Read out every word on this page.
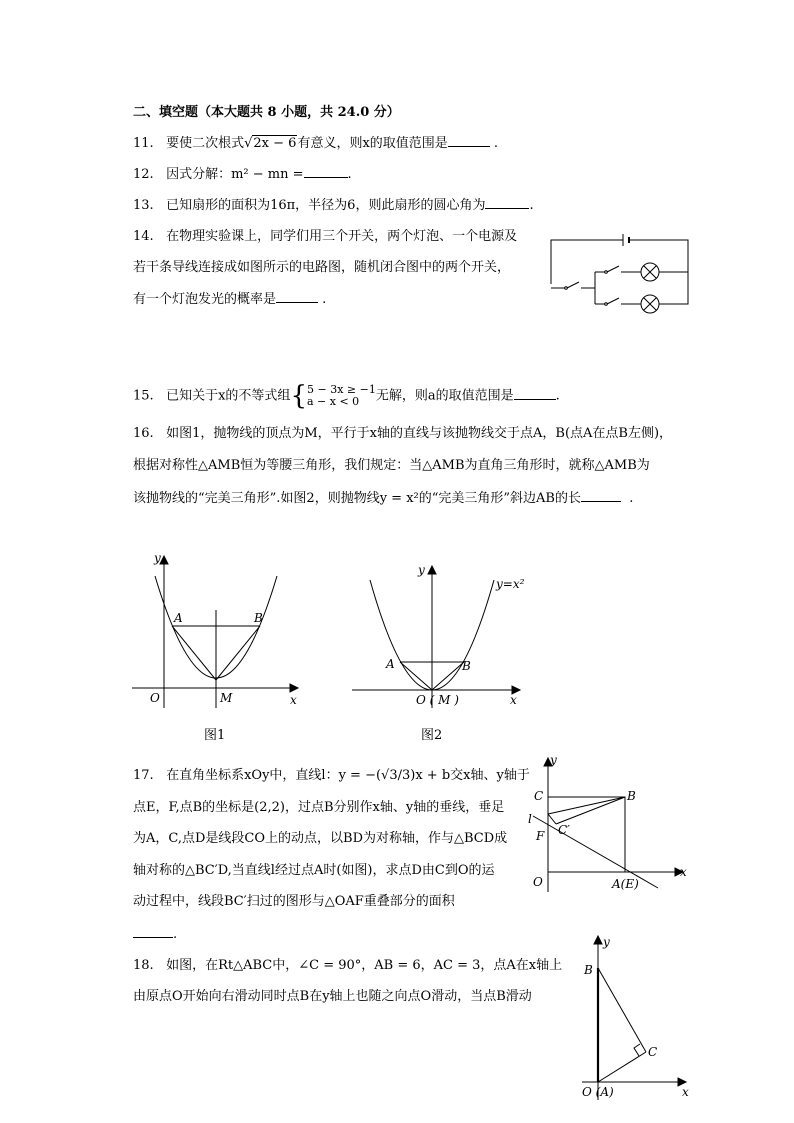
二、填空题（本大题共 8 小题，共 24.0 分）
11. 要使二次根式√2x − 6有意义，则x的取值范围是	.
12. 因式分解：m² − mn =	.
13. 已知扇形的面积为16π，半径为6，则此扇形的圆心角为	.
14. 在物理实验课上，同学们用三个开关，两个灯泡、一个电源及
若干条导线连接成如图所示的电路图，随机闭合图中的两个开关，
有一个灯泡发光的概率是	.
15. 已知关于x的不等式组{5 − 3x ≥ −1
a − x < 0 无解，则a的取值范围是	.
16. 如图1，抛物线的顶点为M，平行于x轴的直线与该抛物线交于点A，B(点A在点B左侧)，
根据对称性△AMB恒为等腰三角形，我们规定：当△AMB为直角三角形时，就称△AMB为
该抛物线的“完美三角形”.如图2，则抛物线y = x²的“完美三角形”斜边AB的长	.
y
x
O
A	B
M
图1
y
x
O ( M )
A	B
y=x²
图2
17. 在直角坐标系xOy中，直线l：y = −(√3/3)x + b交x轴、y轴于
点E，F,点B的坐标是(2,2)，过点B分别作x轴、y轴的垂线，垂足
为A，C,点D是线段CO上的动点，以BD为对称轴，作与△BCD成
轴对称的△BC′D,当直线l经过点A时(如图)，求点D由C到O的运
动过程中，线段BC′扫过的图形与△OAF重叠部分的面积
.
y
x
O
C	B
l
F C′
A(E)
18. 如图，在Rt△ABC中，∠C = 90°，AB = 6，AC = 3，点A在x轴上
由原点O开始向右滑动同时点B在y轴上也随之向点O滑动，当点B滑动
y
x
B
C
O (A)
